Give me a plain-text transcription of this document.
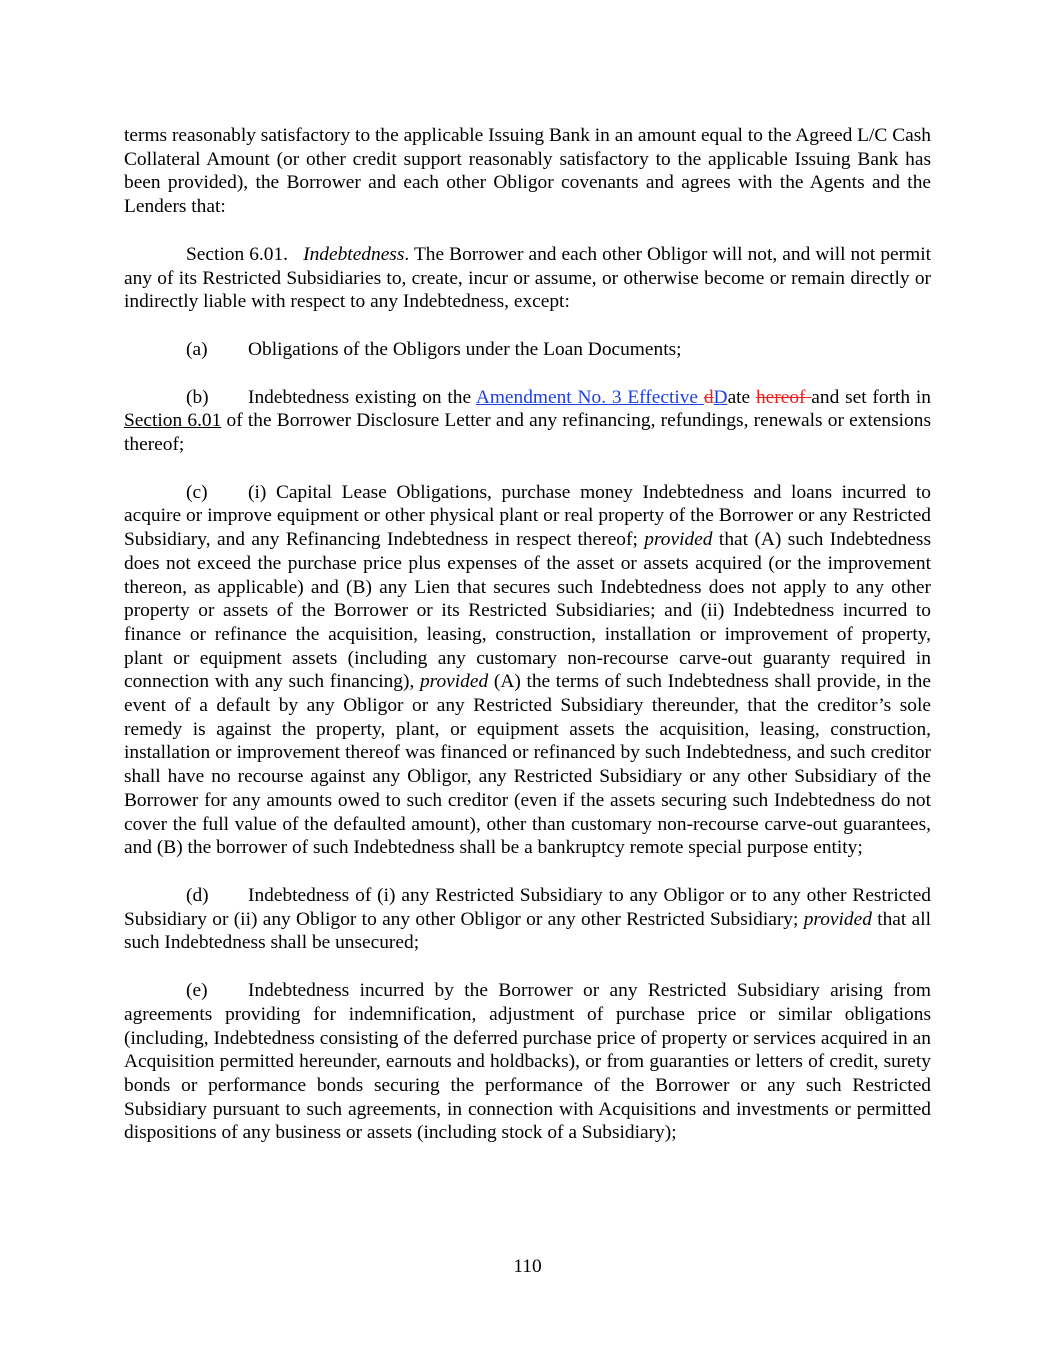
terms reasonably satisfactory to the applicable Issuing Bank in an amount equal to the Agreed L/C Cash Collateral Amount (or other credit support reasonably satisfactory to the applicable Issuing Bank has been provided), the Borrower and each other Obligor covenants and agrees with the Agents and the Lenders that:

Section 6.01. Indebtedness. The Borrower and each other Obligor will not, and will not permit any of its Restricted Subsidiaries to, create, incur or assume, or otherwise become or remain directly or indirectly liable with respect to any Indebtedness, except:

(a) Obligations of the Obligors under the Loan Documents;

(b) Indebtedness existing on the Amendment No. 3 Effective dDate hereof and set forth in Section 6.01 of the Borrower Disclosure Letter and any refinancing, refundings, renewals or extensions thereof;

(c) (i) Capital Lease Obligations, purchase money Indebtedness and loans incurred to acquire or improve equipment or other physical plant or real property of the Borrower or any Restricted Subsidiary, and any Refinancing Indebtedness in respect thereof; provided that (A) such Indebtedness does not exceed the purchase price plus expenses of the asset or assets acquired (or the improvement thereon, as applicable) and (B) any Lien that secures such Indebtedness does not apply to any other property or assets of the Borrower or its Restricted Subsidiaries; and (ii) Indebtedness incurred to finance or refinance the acquisition, leasing, construction, installation or improvement of property, plant or equipment assets (including any customary non-recourse carve-out guaranty required in connection with any such financing), provided (A) the terms of such Indebtedness shall provide, in the event of a default by any Obligor or any Restricted Subsidiary thereunder, that the creditor’s sole remedy is against the property, plant, or equipment assets the acquisition, leasing, construction, installation or improvement thereof was financed or refinanced by such Indebtedness, and such creditor shall have no recourse against any Obligor, any Restricted Subsidiary or any other Subsidiary of the Borrower for any amounts owed to such creditor (even if the assets securing such Indebtedness do not cover the full value of the defaulted amount), other than customary non-recourse carve-out guarantees, and (B) the borrower of such Indebtedness shall be a bankruptcy remote special purpose entity;

(d) Indebtedness of (i) any Restricted Subsidiary to any Obligor or to any other Restricted Subsidiary or (ii) any Obligor to any other Obligor or any other Restricted Subsidiary; provided that all such Indebtedness shall be unsecured;

(e) Indebtedness incurred by the Borrower or any Restricted Subsidiary arising from agreements providing for indemnification, adjustment of purchase price or similar obligations (including, Indebtedness consisting of the deferred purchase price of property or services acquired in an Acquisition permitted hereunder, earnouts and holdbacks), or from guaranties or letters of credit, surety bonds or performance bonds securing the performance of the Borrower or any such Restricted Subsidiary pursuant to such agreements, in connection with Acquisitions and investments or permitted dispositions of any business or assets (including stock of a Subsidiary);

110
